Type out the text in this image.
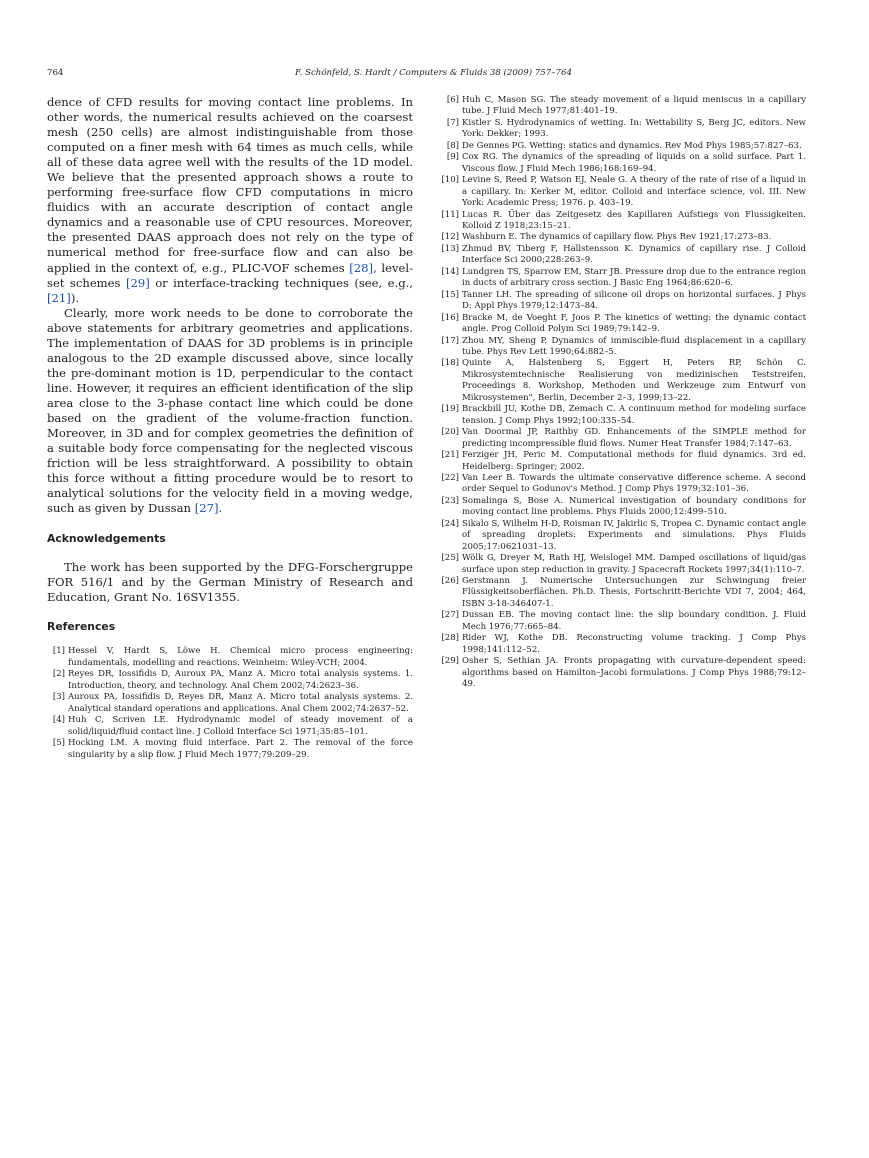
764	F. Schönfeld, S. Hardt / Computers & Fluids 38 (2009) 757–764

dence of CFD results for moving contact line problems. In other words, the numerical results achieved on the coarsest mesh (250 cells) are almost indistinguishable from those computed on a finer mesh with 64 times as much cells, while all of these data agree well with the results of the 1D model. We believe that the presented approach shows a route to performing free-surface flow CFD computations in micro fluidics with an accurate description of contact angle dynamics and a reasonable use of CPU resources. Moreover, the presented DAAS approach does not rely on the type of numerical method for free-surface flow and can also be applied in the context of, e.g., PLIC-VOF schemes [28], level-set schemes [29] or interface-tracking techniques (see, e.g., [21]).

Clearly, more work needs to be done to corroborate the above statements for arbitrary geometries and applications. The implementation of DAAS for 3D problems is in principle analogous to the 2D example discussed above, since locally the pre-dominant motion is 1D, perpendicular to the contact line. However, it requires an efficient identification of the slip area close to the 3-phase contact line which could be done based on the gradient of the volume-fraction function. Moreover, in 3D and for complex geometries the definition of a suitable body force compensating for the neglected viscous friction will be less straightforward. A possibility to obtain this force without a fitting procedure would be to resort to analytical solutions for the velocity field in a moving wedge, such as given by Dussan [27].

Acknowledgements

The work has been supported by the DFG-Forschergruppe FOR 516/1 and by the German Ministry of Research and Education, Grant No. 16SV1355.

References
[1] Hessel V, Hardt S, Löwe H. Chemical micro process engineering: fundamentals, modelling and reactions. Weinheim: Wiley-VCH; 2004.
[2] Reyes DR, Iossifidis D, Auroux PA, Manz A. Micro total analysis systems. 1. Introduction, theory, and technology. Anal Chem 2002;74:2623–36.
[3] Auroux PA, Iossifidis D, Reyes DR, Manz A. Micro total analysis systems. 2. Analytical standard operations and applications. Anal Chem 2002;74:2637–52.
[4] Huh C, Scriven LE. Hydrodynamic model of steady movement of a solid/liquid/fluid contact line. J Colloid Interface Sci 1971;35:85–101.
[5] Hocking LM. A moving fluid interface. Part 2. The removal of the force singularity by a slip flow. J Fluid Mech 1977;79:209–29.
[6] Huh C, Mason SG. The steady movement of a liquid meniscus in a capillary tube. J Fluid Mech 1977;81:401–19.
[7] Kistler S. Hydrodynamics of wetting. In: Wettability S, Berg JC, editors. New York: Dekker; 1993.
[8] De Gennes PG. Wetting: statics and dynamics. Rev Mod Phys 1985;57:827–63.
[9] Cox RG. The dynamics of the spreading of liquids on a solid surface. Part 1. Viscous flow. J Fluid Mech 1986;168:169–94.
[10] Levine S, Reed P, Watson EJ, Neale G. A theory of the rate of rise of a liquid in a capillary. In: Kerker M, editor. Colloid and interface science, vol. III. New York: Academic Press; 1976. p. 403–19.
[11] Lucas R. Über das Zeitgesetz des Kapillaren Aufstiegs von Flussigkeiten. Kolloid Z 1918;23:15–21.
[12] Washburn E. The dynamics of capillary flow. Phys Rev 1921;17:273–83.
[13] Zhmud BV, Tiberg F, Hallstensson K. Dynamics of capillary rise. J Colloid Interface Sci 2000;228:263–9.
[14] Lundgren TS, Sparrow EM, Starr JB. Pressure drop due to the entrance region in ducts of arbitrary cross section. J Basic Eng 1964;86:620–6.
[15] Tanner LH. The spreading of silicone oil drops on horizontal surfaces. J Phys D: Appl Phys 1979;12:1473–84.
[16] Bracke M, de Voeght F, Joos P. The kinetics of wetting: the dynamic contact angle. Prog Colloid Polym Sci 1989;79:142–9.
[17] Zhou MY, Sheng P. Dynamics of immiscible-fluid displacement in a capillary tube. Phys Rev Lett 1990;64:882–5.
[18] Quinte A, Halstenberg S, Eggert H, Peters RP, Schön C. Mikrosystemtechnische Realisierung von medizinischen Teststreifen, Proceedings 8. Workshop, Methoden und Werkzeuge zum Entwurf von Mikrosystemen", Berlin, December 2–3, 1999;13–22.
[19] Brackbill JU, Kothe DB, Zemach C. A continuum method for modeling surface tension. J Comp Phys 1992;100:335–54.
[20] Van Doormal JP, Raithby GD. Enhancements of the SIMPLE method for predicting incompressible fluid flows. Numer Heat Transfer 1984;7:147–63.
[21] Ferziger JH, Peric M. Computational methods for fluid dynamics. 3rd ed. Heidelberg: Springer; 2002.
[22] Van Leer B. Towards the ultimate conservative difference scheme. A second order Sequel to Godunov's Method. J Comp Phys 1979;32:101–36.
[23] Somalinga S, Bose A. Numerical investigation of boundary conditions for moving contact line problems. Phys Fluids 2000;12:499–510.
[24] Sikalo S, Wilhelm H-D, Roisman IV, Jakirlic S, Tropea C. Dynamic contact angle of spreading droplets: Experiments and simulations. Phys Fluids 2005;17:0621031–13.
[25] Wölk G, Dreyer M, Rath HJ, Weislogel MM. Damped oscillations of liquid/gas surface upon step reduction in gravity. J Spacecraft Rockets 1997;34(1):110–7.
[26] Gerstmann J. Numerische Untersuchungen zur Schwingung freier Flüssigkeitsoberflächen. Ph.D. Thesis, Fortschritt-Berichte VDI 7, 2004; 464, ISBN 3-18-346407-1.
[27] Dussan EB. The moving contact line: the slip boundary condition. J. Fluid Mech 1976;77:665–84.
[28] Rider WJ, Kothe DB. Reconstructing volume tracking. J Comp Phys 1998;141:112–52.
[29] Osher S, Sethian JA. Fronts propagating with curvature-dependent speed: algorithms based on Hamilton–Jacobi formulations. J Comp Phys 1988;79:12–49.
